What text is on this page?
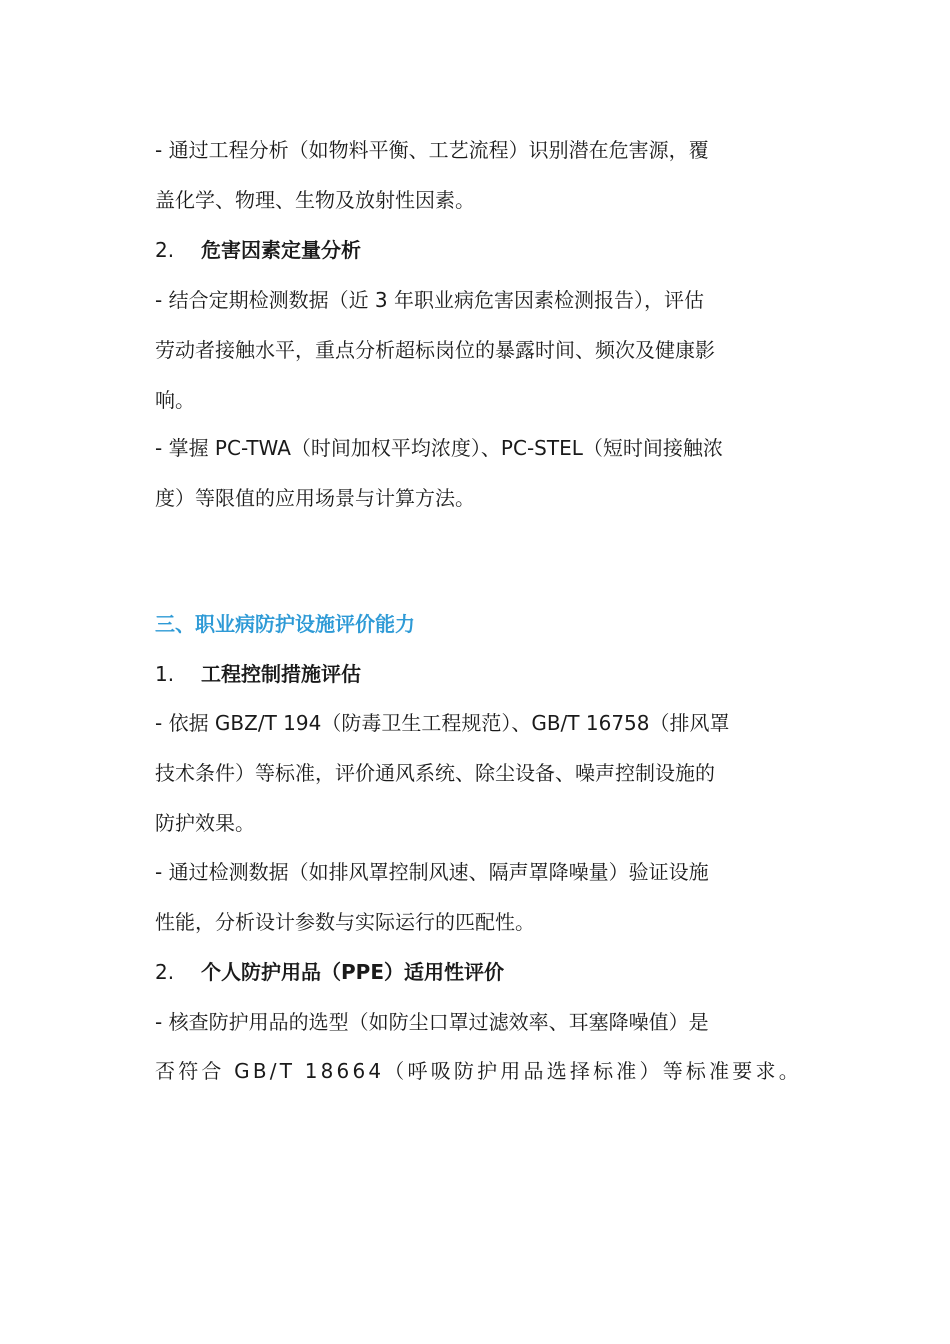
- 通过工程分析（如物料平衡、工艺流程）识别潜在危害源，覆
盖化学、物理、生物及放射性因素。
2. 危害因素定量分析
- 结合定期检测数据（近 3 年职业病危害因素检测报告），评估
劳动者接触水平，重点分析超标岗位的暴露时间、频次及健康影
响。
- 掌握 PC-TWA（时间加权平均浓度）、PC-STEL（短时间接触浓
度）等限值的应用场景与计算方法。
三、职业病防护设施评价能力
1. 工程控制措施评估
- 依据 GBZ/T 194（防毒卫生工程规范）、GB/T 16758（排风罩
技术条件）等标准，评价通风系统、除尘设备、噪声控制设施的
防护效果。
- 通过检测数据（如排风罩控制风速、隔声罩降噪量）验证设施
性能，分析设计参数与实际运行的匹配性。
2. 个人防护用品（PPE）适用性评价
- 核查防护用品的选型（如防尘口罩过滤效率、耳塞降噪值）是
否符合 GB/T 18664（呼吸防护用品选择标准）等标准要求。
